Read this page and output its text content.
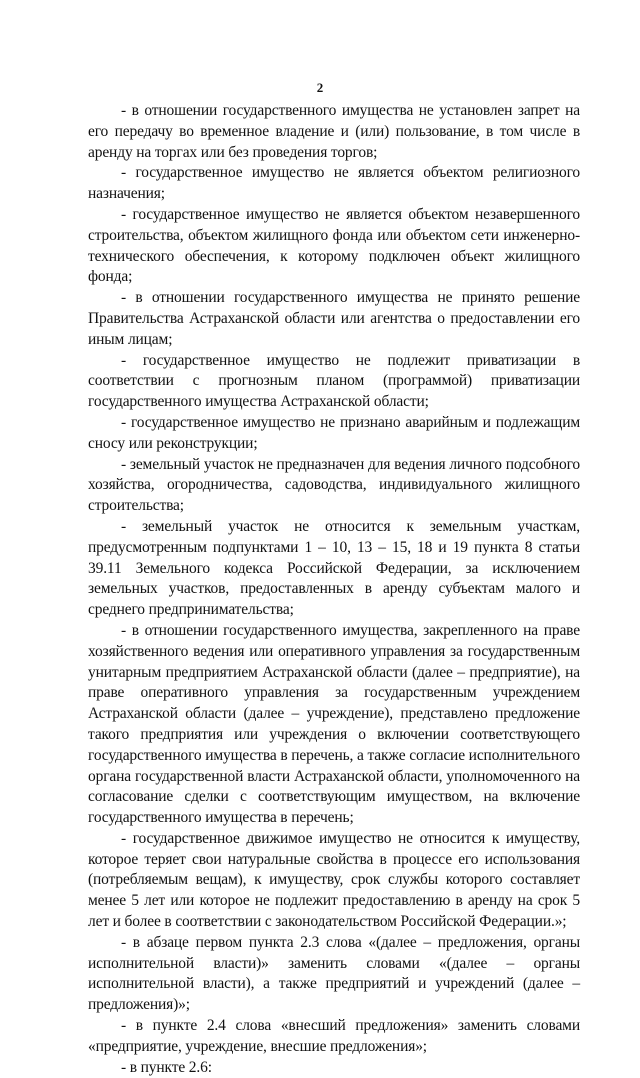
2

- в отношении государственного имущества не установлен запрет на его передачу во временное владение и (или) пользование, в том числе в аренду на торгах или без проведения торгов;

- государственное имущество не является объектом религиозного назначения;

- государственное имущество не является объектом незавершенного строительства, объектом жилищного фонда или объектом сети инженерно-технического обеспечения, к которому подключен объект жилищного фонда;

- в отношении государственного имущества не принято решение Правительства Астраханской области или агентства о предоставлении его иным лицам;

- государственное имущество не подлежит приватизации в соответствии с прогнозным планом (программой) приватизации государственного имущества Астраханской области;

- государственное имущество не признано аварийным и подлежащим сносу или реконструкции;

- земельный участок не предназначен для ведения личного подсобного хозяйства, огородничества, садоводства, индивидуального жилищного строительства;

- земельный участок не относится к земельным участкам, предусмотренным подпунктами 1 – 10, 13 – 15, 18 и 19 пункта 8 статьи 39.11 Земельного кодекса Российской Федерации, за исключением земельных участков, предоставленных в аренду субъектам малого и среднего предпринимательства;

- в отношении государственного имущества, закрепленного на праве хозяйственного ведения или оперативного управления за государственным унитарным предприятием Астраханской области (далее – предприятие), на праве оперативного управления за государственным учреждением Астраханской области (далее – учреждение), представлено предложение такого предприятия или учреждения о включении соответствующего государственного имущества в перечень, а также согласие исполнительного органа государственной власти Астраханской области, уполномоченного на согласование сделки с соответствующим имуществом, на включение государственного имущества в перечень;

- государственное движимое имущество не относится к имуществу, которое теряет свои натуральные свойства в процессе его использования (потребляемым вещам), к имуществу, срок службы которого составляет менее 5 лет или которое не подлежит предоставлению в аренду на срок 5 лет и более в соответствии с законодательством Российской Федерации.»;

- в абзаце первом пункта 2.3 слова «(далее – предложения, органы исполнительной власти)» заменить словами «(далее – органы исполнительной власти), а также предприятий и учреждений (далее – предложения)»;

- в пункте 2.4 слова «внесший предложения» заменить словами «предприятие, учреждение, внесшие предложения»;

- в пункте 2.6:
